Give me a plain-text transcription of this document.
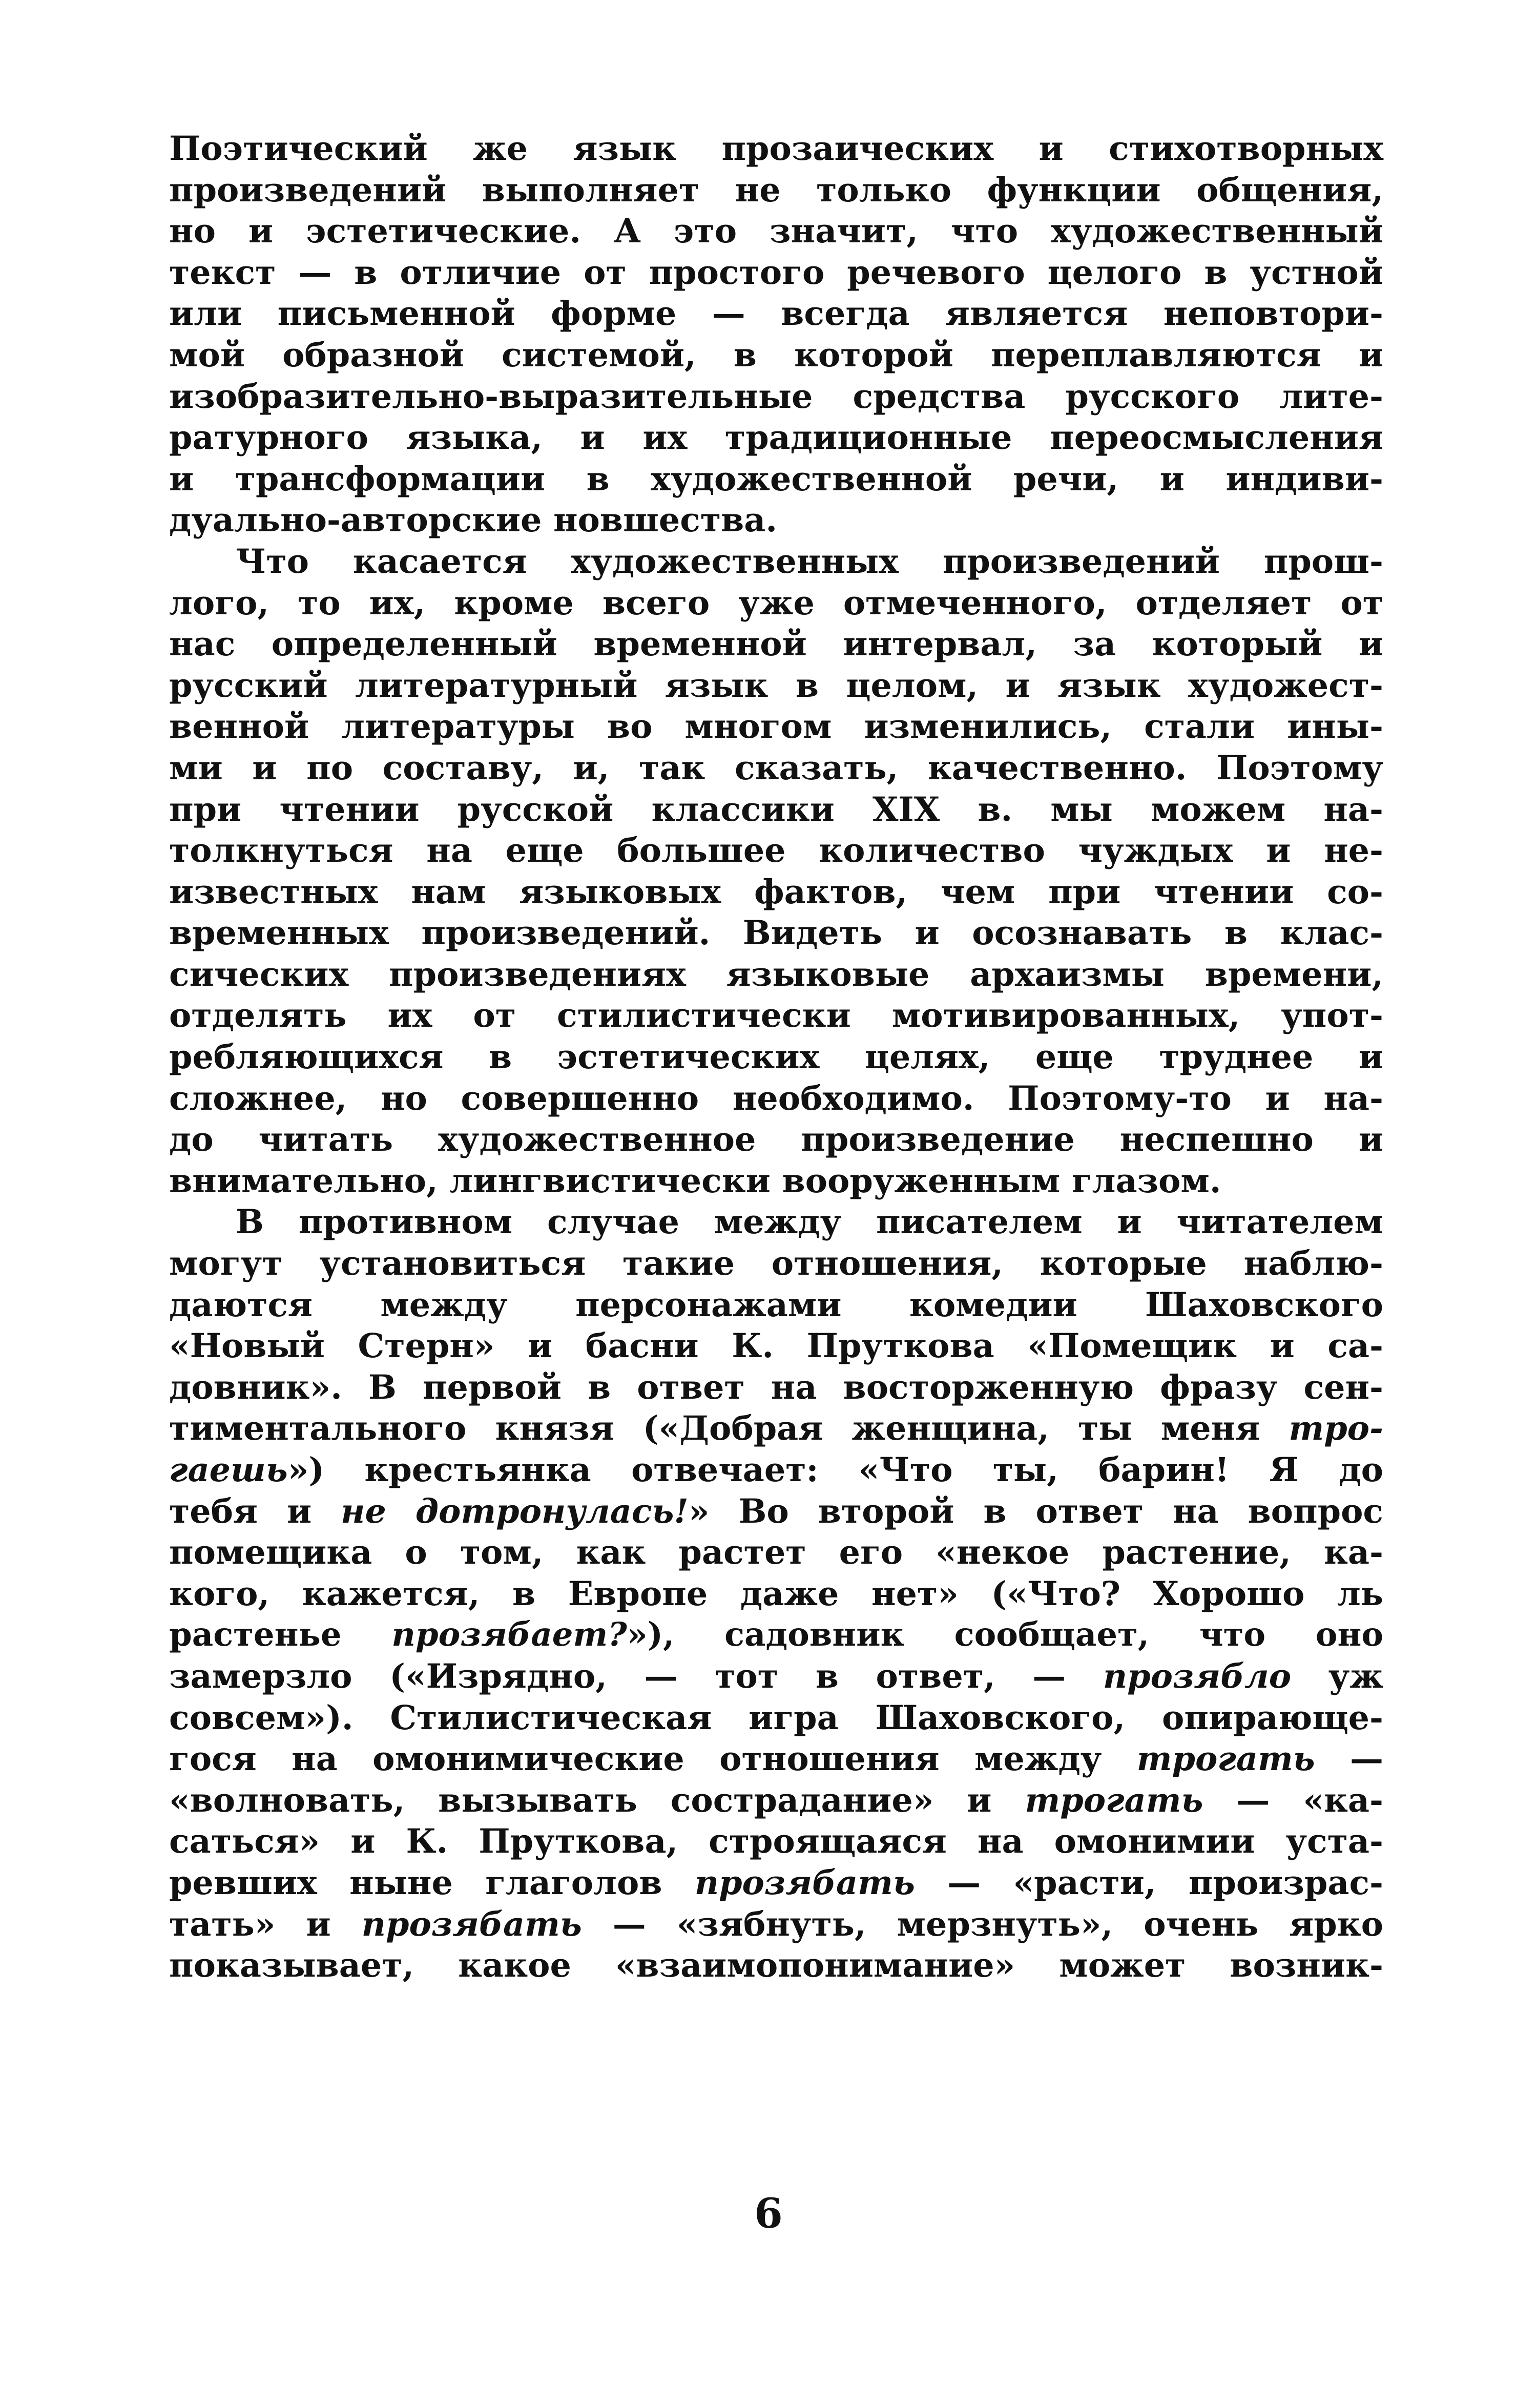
Поэтический же язык прозаических и стихотворных
произведений выполняет не только функции общения,
но и эстетические. А это значит, что художественный
текст — в отличие от простого речевого целого в устной
или письменной форме — всегда является неповтори-
мой образной системой, в которой переплавляются и
изобразительно-выразительные средства русского лите-
ратурного языка, и их традиционные переосмысления
и трансформации в художественной речи, и индиви-
дуально-авторские новшества.
Что касается художественных произведений прош-
лого, то их, кроме всего уже отмеченного, отделяет от
нас определенный временной интервал, за который и
русский литературный язык в целом, и язык художест-
венной литературы во многом изменились, стали ины-
ми и по составу, и, так сказать, качественно. Поэтому
при чтении русской классики XIX в. мы можем на-
толкнуться на еще большее количество чуждых и не-
известных нам языковых фактов, чем при чтении со-
временных произведений. Видеть и осознавать в клас-
сических произведениях языковые архаизмы времени,
отделять их от стилистически мотивированных, упот-
ребляющихся в эстетических целях, еще труднее и
сложнее, но совершенно необходимо. Поэтому-то и на-
до читать художественное произведение неспешно и
внимательно, лингвистически вооруженным глазом.
В противном случае между писателем и читателем
могут установиться такие отношения, которые наблю-
даются между персонажами комедии Шаховского
«Новый Стерн» и басни К. Пруткова «Помещик и са-
довник». В первой в ответ на восторженную фразу сен-
тиментального князя («Добрая женщина, ты меня тро-
гаешь») крестьянка отвечает: «Что ты, барин! Я до
тебя и не дотронулась!» Во второй в ответ на вопрос
помещика о том, как растет его «некое растение, ка-
кого, кажется, в Европе даже нет» («Что? Хорошо ль
растенье прозябает?»), садовник сообщает, что оно
замерзло («Изрядно, — тот в ответ, — прозябло уж
совсем»). Стилистическая игра Шаховского, опирающе-
гося на омонимические отношения между трогать —
«волновать, вызывать сострадание» и трогать — «ка-
саться» и К. Пруткова, строящаяся на омонимии уста-
ревших ныне глаголов прозябать — «расти, произрас-
тать» и прозябать — «зябнуть, мерзнуть», очень ярко
показывает, какое «взаимопонимание» может возник-
6
